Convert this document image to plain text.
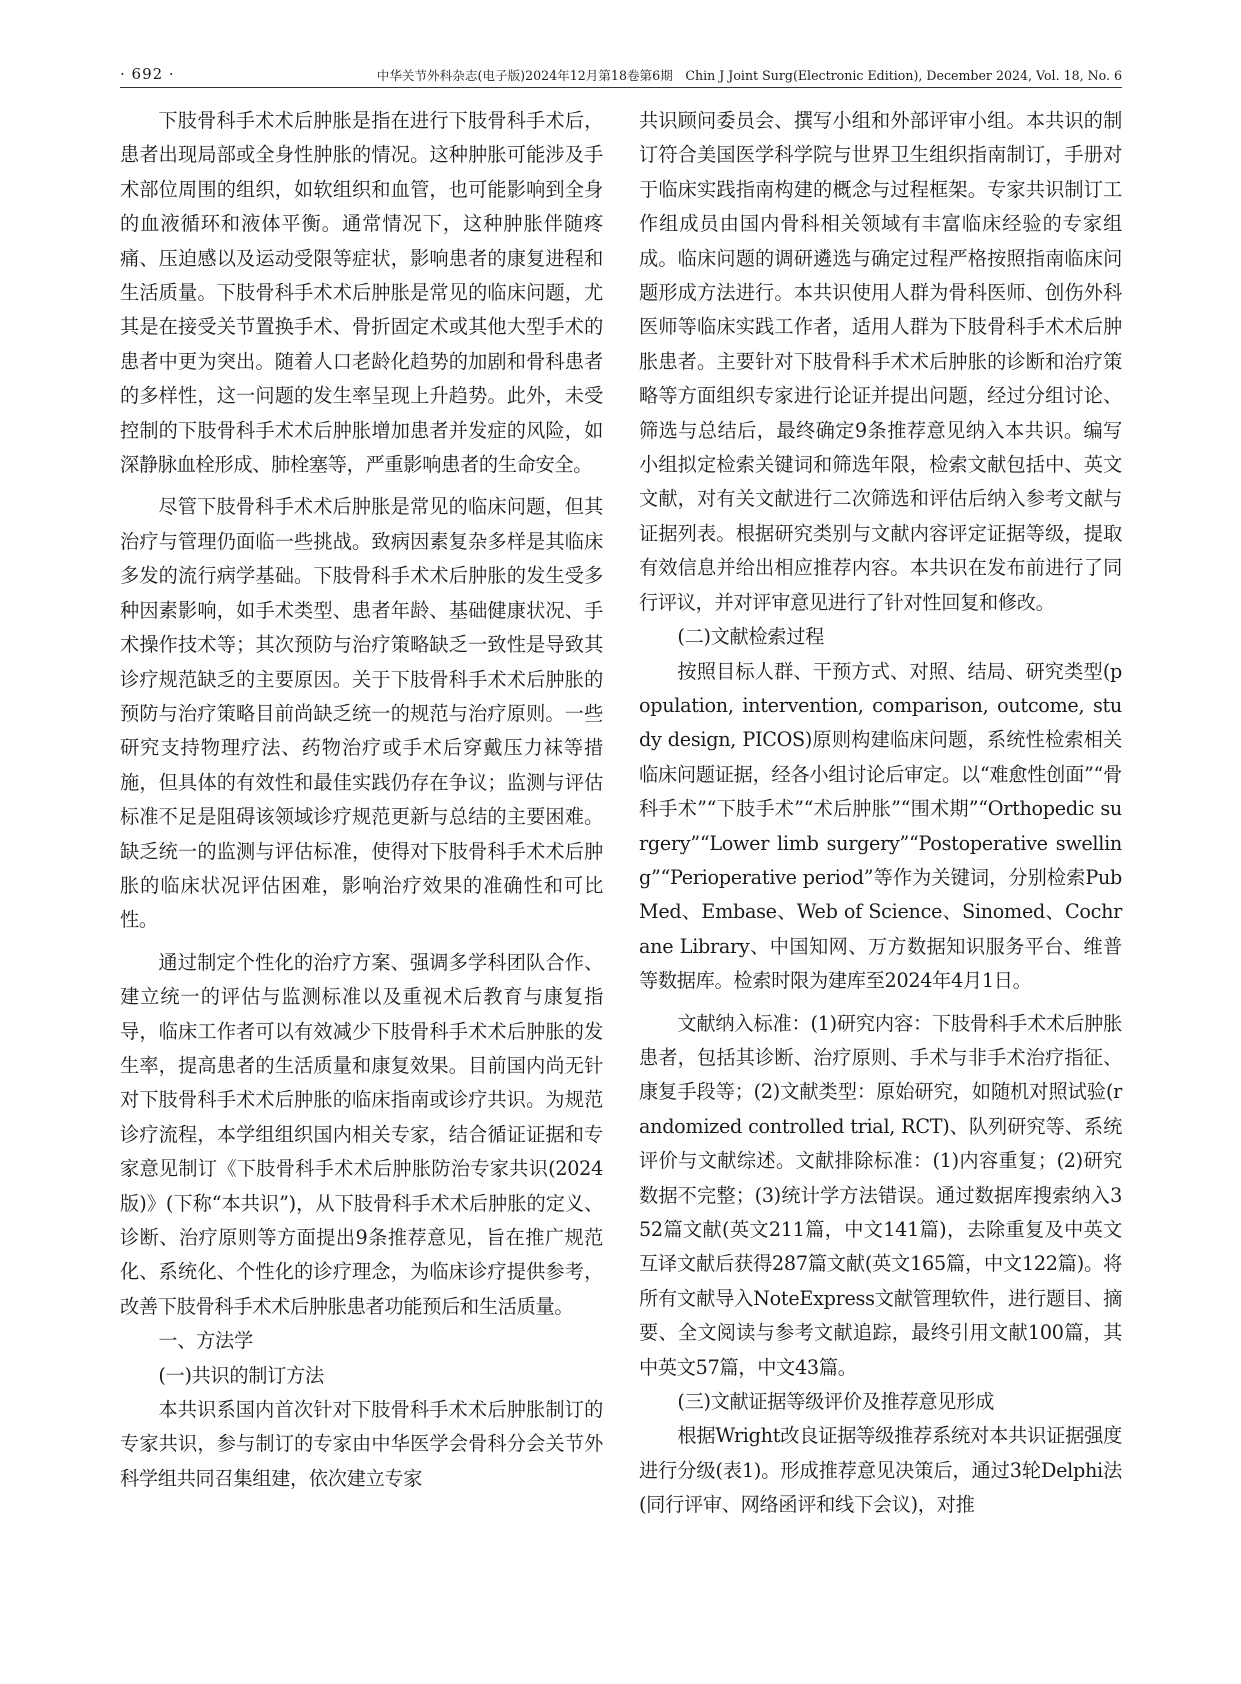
· 692 ·	中华关节外科杂志(电子版)2024年12月第18卷第6期　Chin J Joint Surg(Electronic Edition), December 2024, Vol. 18, No. 6

下肢骨科手术术后肿胀是指在进行下肢骨科手术后，患者出现局部或全身性肿胀的情况。这种肿胀可能涉及手术部位周围的组织，如软组织和血管，也可能影响到全身的血液循环和液体平衡。通常情况下，这种肿胀伴随疼痛、压迫感以及运动受限等症状，影响患者的康复进程和生活质量。下肢骨科手术术后肿胀是常见的临床问题，尤其是在接受关节置换手术、骨折固定术或其他大型手术的患者中更为突出。随着人口老龄化趋势的加剧和骨科患者的多样性，这一问题的发生率呈现上升趋势。此外，未受控制的下肢骨科手术术后肿胀增加患者并发症的风险，如深静脉血栓形成、肺栓塞等，严重影响患者的生命安全。

尽管下肢骨科手术术后肿胀是常见的临床问题，但其治疗与管理仍面临一些挑战。致病因素复杂多样是其临床多发的流行病学基础。下肢骨科手术术后肿胀的发生受多种因素影响，如手术类型、患者年龄、基础健康状况、手术操作技术等；其次预防与治疗策略缺乏一致性是导致其诊疗规范缺乏的主要原因。关于下肢骨科手术术后肿胀的预防与治疗策略目前尚缺乏统一的规范与治疗原则。一些研究支持物理疗法、药物治疗或手术后穿戴压力袜等措施，但具体的有效性和最佳实践仍存在争议；监测与评估标准不足是阻碍该领域诊疗规范更新与总结的主要困难。缺乏统一的监测与评估标准，使得对下肢骨科手术术后肿胀的临床状况评估困难，影响治疗效果的准确性和可比性。

通过制定个性化的治疗方案、强调多学科团队合作、建立统一的评估与监测标准以及重视术后教育与康复指导，临床工作者可以有效减少下肢骨科手术术后肿胀的发生率，提高患者的生活质量和康复效果。目前国内尚无针对下肢骨科手术术后肿胀的临床指南或诊疗共识。为规范诊疗流程，本学组组织国内相关专家，结合循证证据和专家意见制订《下肢骨科手术术后肿胀防治专家共识(2024版)》(下称“本共识”)，从下肢骨科手术术后肿胀的定义、诊断、治疗原则等方面提出9条推荐意见，旨在推广规范化、系统化、个性化的诊疗理念，为临床诊疗提供参考，改善下肢骨科手术术后肿胀患者功能预后和生活质量。

一、方法学

(一)共识的制订方法

本共识系国内首次针对下肢骨科手术术后肿胀制订的专家共识，参与制订的专家由中华医学会骨科分会关节外科学组共同召集组建，依次建立专家

共识顾问委员会、撰写小组和外部评审小组。本共识的制订符合美国医学科学院与世界卫生组织指南制订，手册对于临床实践指南构建的概念与过程框架。专家共识制订工作组成员由国内骨科相关领域有丰富临床经验的专家组成。临床问题的调研遴选与确定过程严格按照指南临床问题形成方法进行。本共识使用人群为骨科医师、创伤外科医师等临床实践工作者，适用人群为下肢骨科手术术后肿胀患者。主要针对下肢骨科手术术后肿胀的诊断和治疗策略等方面组织专家进行论证并提出问题，经过分组讨论、筛选与总结后，最终确定9条推荐意见纳入本共识。编写小组拟定检索关键词和筛选年限，检索文献包括中、英文文献，对有关文献进行二次筛选和评估后纳入参考文献与证据列表。根据研究类别与文献内容评定证据等级，提取有效信息并给出相应推荐内容。本共识在发布前进行了同行评议，并对评审意见进行了针对性回复和修改。

(二)文献检索过程

按照目标人群、干预方式、对照、结局、研究类型(population, intervention, comparison, outcome, study design, PICOS)原则构建临床问题，系统性检索相关临床问题证据，经各小组讨论后审定。以“难愈性创面”“骨科手术”“下肢手术”“术后肿胀”“围术期”“Orthopedic surgery”“Lower limb surgery”“Postoperative swelling”“Perioperative period”等作为关键词，分别检索PubMed、Embase、Web of Science、Sinomed、Cochrane Library、中国知网、万方数据知识服务平台、维普等数据库。检索时限为建库至2024年4月1日。

文献纳入标准：(1)研究内容：下肢骨科手术术后肿胀患者，包括其诊断、治疗原则、手术与非手术治疗指征、康复手段等；(2)文献类型：原始研究，如随机对照试验(randomized controlled trial, RCT)、队列研究等、系统评价与文献综述。文献排除标准：(1)内容重复；(2)研究数据不完整；(3)统计学方法错误。通过数据库搜索纳入352篇文献(英文211篇，中文141篇)，去除重复及中英文互译文献后获得287篇文献(英文165篇，中文122篇)。将所有文献导入NoteExpress文献管理软件，进行题目、摘要、全文阅读与参考文献追踪，最终引用文献100篇，其中英文57篇，中文43篇。

(三)文献证据等级评价及推荐意见形成

根据Wright改良证据等级推荐系统对本共识证据强度进行分级(表1)。形成推荐意见决策后，通过3轮Delphi法(同行评审、网络函评和线下会议)，对推
